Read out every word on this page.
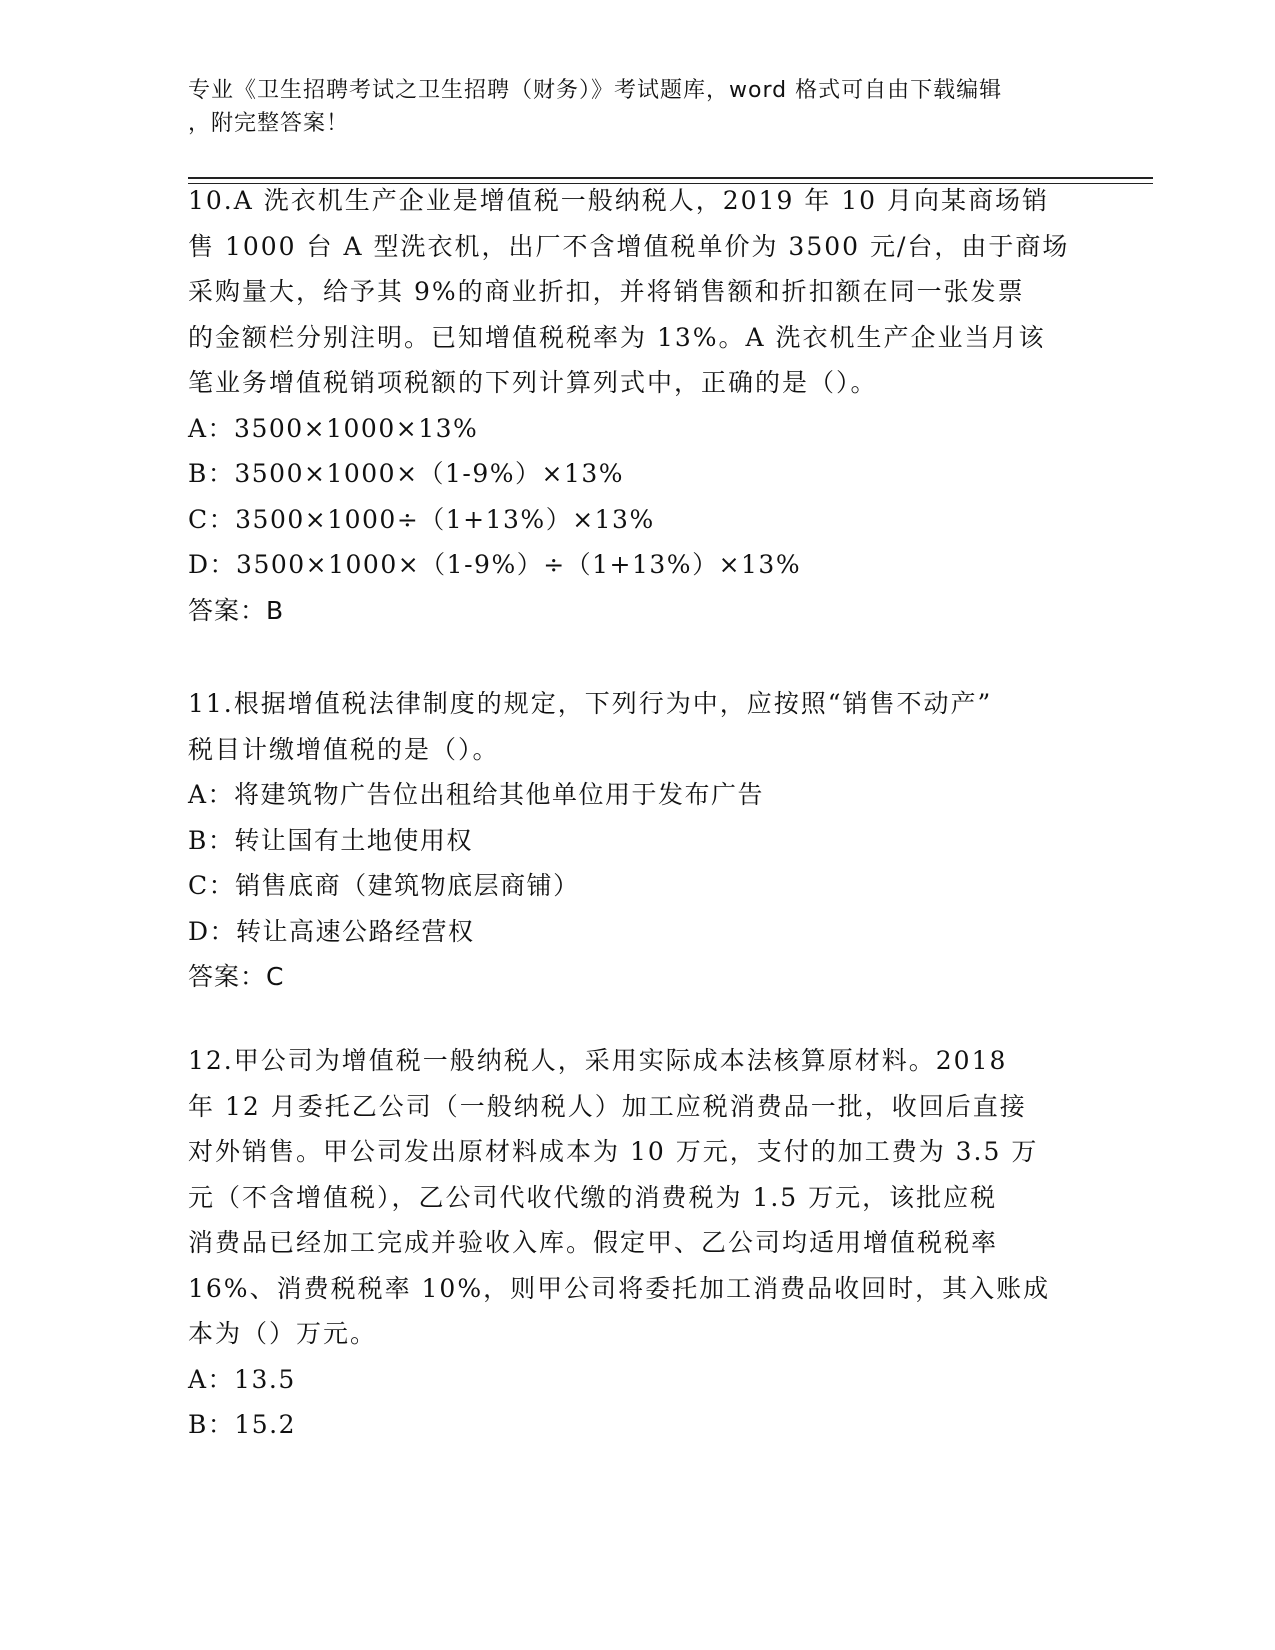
专业《卫生招聘考试之卫生招聘（财务）》考试题库，word 格式可自由下载编辑
，附完整答案！
10.A 洗衣机生产企业是增值税一般纳税人，2019 年 10 月向某商场销
售 1000 台 A 型洗衣机，出厂不含增值税单价为 3500 元/台，由于商场
采购量大，给予其 9%的商业折扣，并将销售额和折扣额在同一张发票
的金额栏分别注明。已知增值税税率为 13%。A 洗衣机生产企业当月该
笔业务增值税销项税额的下列计算列式中，正确的是（）。
A：3500×1000×13%
B：3500×1000×（1-9%）×13%
C：3500×1000÷（1+13%）×13%
D：3500×1000×（1-9%）÷（1+13%）×13%
答案：B
11.根据增值税法律制度的规定，下列行为中，应按照“销售不动产”
税目计缴增值税的是（）。
A：将建筑物广告位出租给其他单位用于发布广告
B：转让国有土地使用权
C：销售底商（建筑物底层商铺）
D：转让高速公路经营权
答案：C
12.甲公司为增值税一般纳税人，采用实际成本法核算原材料。2018
年 12 月委托乙公司（一般纳税人）加工应税消费品一批，收回后直接
对外销售。甲公司发出原材料成本为 10 万元，支付的加工费为 3.5 万
元（不含增值税），乙公司代收代缴的消费税为 1.5 万元，该批应税
消费品已经加工完成并验收入库。假定甲、乙公司均适用增值税税率
16%、消费税税率 10%，则甲公司将委托加工消费品收回时，其入账成
本为（）万元。
A：13.5
B：15.2
